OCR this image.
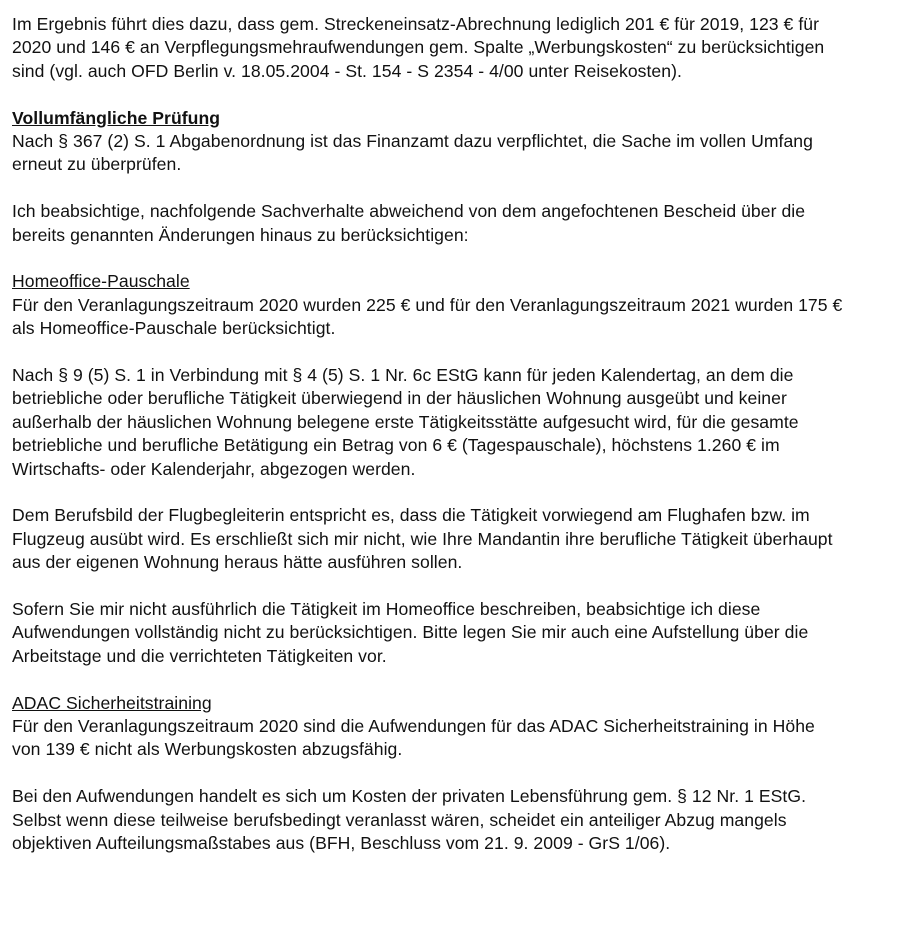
Im Ergebnis führt dies dazu, dass gem. Streckeneinsatz-Abrechnung lediglich 201 € für 2019, 123 € für 2020 und 146 € an Verpflegungsmehraufwendungen gem. Spalte „Werbungskosten“ zu berücksichtigen sind (vgl. auch OFD Berlin v. 18.05.2004 - St. 154 - S 2354 - 4/00 unter Reisekosten).

Vollumfängliche Prüfung

Nach § 367 (2) S. 1 Abgabenordnung ist das Finanzamt dazu verpflichtet, die Sache im vollen Umfang erneut zu überprüfen.

Ich beabsichtige, nachfolgende Sachverhalte abweichend von dem angefochtenen Bescheid über die bereits genannten Änderungen hinaus zu berücksichtigen:

Homeoffice-Pauschale

Für den Veranlagungszeitraum 2020 wurden 225 € und für den Veranlagungszeitraum 2021 wurden 175 € als Homeoffice-Pauschale berücksichtigt.

Nach § 9 (5) S. 1 in Verbindung mit § 4 (5) S. 1 Nr. 6c EStG kann für jeden Kalendertag, an dem die betriebliche oder berufliche Tätigkeit überwiegend in der häuslichen Wohnung ausgeübt und keiner außerhalb der häuslichen Wohnung belegene erste Tätigkeitsstätte aufgesucht wird, für die gesamte betriebliche und berufliche Betätigung ein Betrag von 6 € (Tagespauschale), höchstens 1.260 € im Wirtschafts- oder Kalenderjahr, abgezogen werden.

Dem Berufsbild der Flugbegleiterin entspricht es, dass die Tätigkeit vorwiegend am Flughafen bzw. im Flugzeug ausübt wird. Es erschließt sich mir nicht, wie Ihre Mandantin ihre berufliche Tätigkeit überhaupt aus der eigenen Wohnung heraus hätte ausführen sollen.

Sofern Sie mir nicht ausführlich die Tätigkeit im Homeoffice beschreiben, beabsichtige ich diese Aufwendungen vollständig nicht zu berücksichtigen. Bitte legen Sie mir auch eine Aufstellung über die Arbeitstage und die verrichteten Tätigkeiten vor.

ADAC Sicherheitstraining

Für den Veranlagungszeitraum 2020 sind die Aufwendungen für das ADAC Sicherheitstraining in Höhe von 139 € nicht als Werbungskosten abzugsfähig.

Bei den Aufwendungen handelt es sich um Kosten der privaten Lebensführung gem. § 12 Nr. 1 EStG. Selbst wenn diese teilweise berufsbedingt veranlasst wären, scheidet ein anteiliger Abzug mangels objektiven Aufteilungsmaßstabes aus (BFH, Beschluss vom 21. 9. 2009 - GrS 1/06).
